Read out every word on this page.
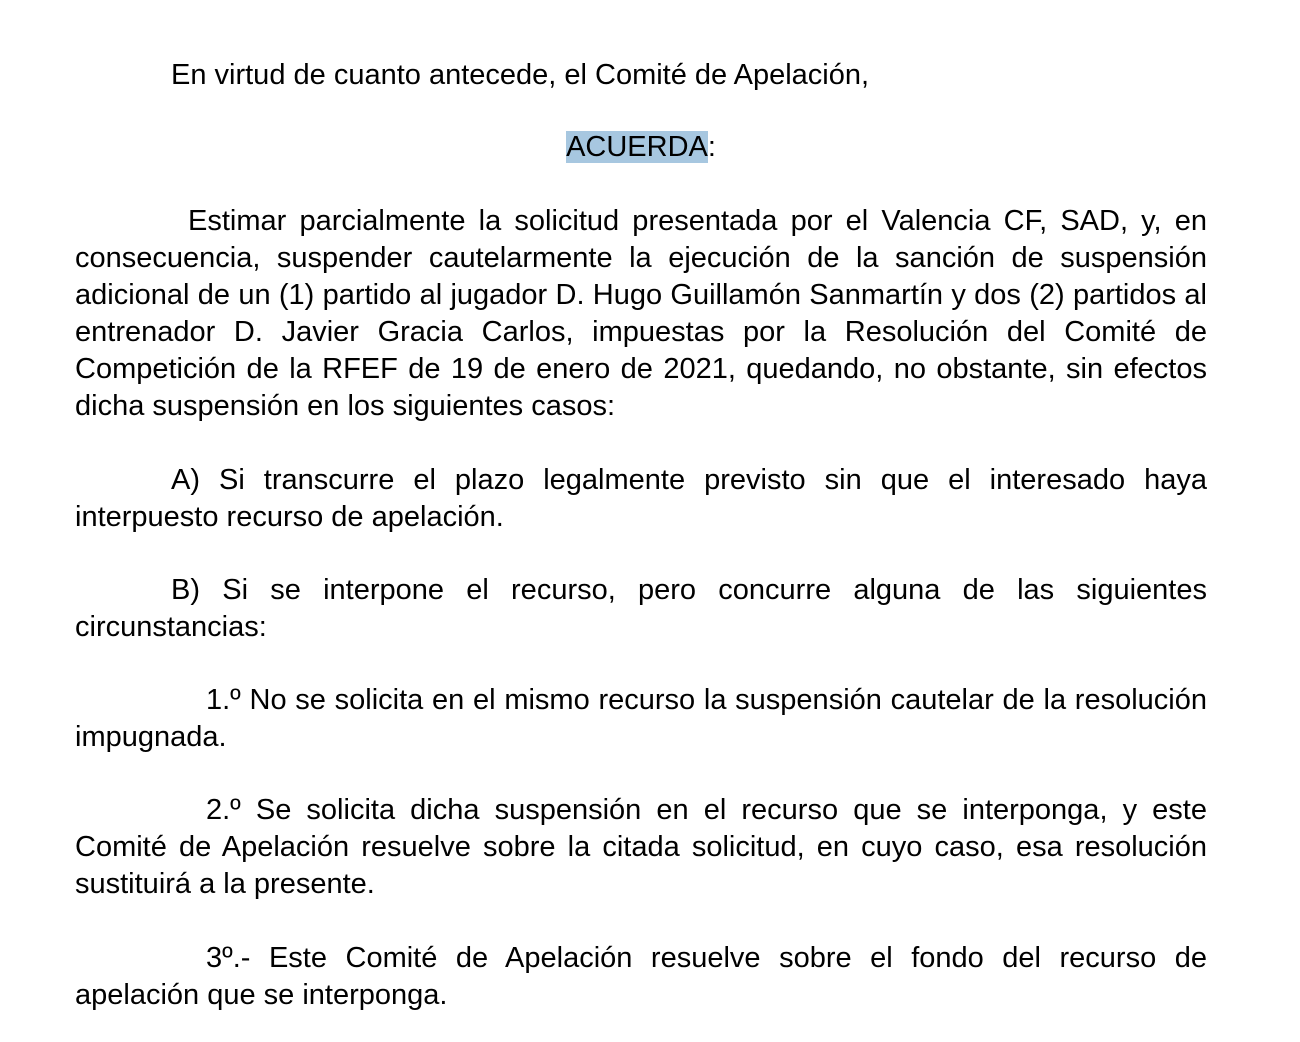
En virtud de cuanto antecede, el Comité de Apelación,

ACUERDA:

Estimar parcialmente la solicitud presentada por el Valencia CF, SAD, y, en consecuencia, suspender cautelarmente la ejecución de la sanción de suspensión adicional de un (1) partido al jugador D. Hugo Guillamón Sanmartín y dos (2) partidos al entrenador D. Javier Gracia Carlos, impuestas por la Resolución del Comité de Competición de la RFEF de 19 de enero de 2021, quedando, no obstante, sin efectos dicha suspensión en los siguientes casos:

A) Si transcurre el plazo legalmente previsto sin que el interesado haya interpuesto recurso de apelación.

B) Si se interpone el recurso, pero concurre alguna de las siguientes circunstancias:

1.º No se solicita en el mismo recurso la suspensión cautelar de la resolución impugnada.

2.º Se solicita dicha suspensión en el recurso que se interponga, y este Comité de Apelación resuelve sobre la citada solicitud, en cuyo caso, esa resolución sustituirá a la presente.

3º.- Este Comité de Apelación resuelve sobre el fondo del recurso de apelación que se interponga.
